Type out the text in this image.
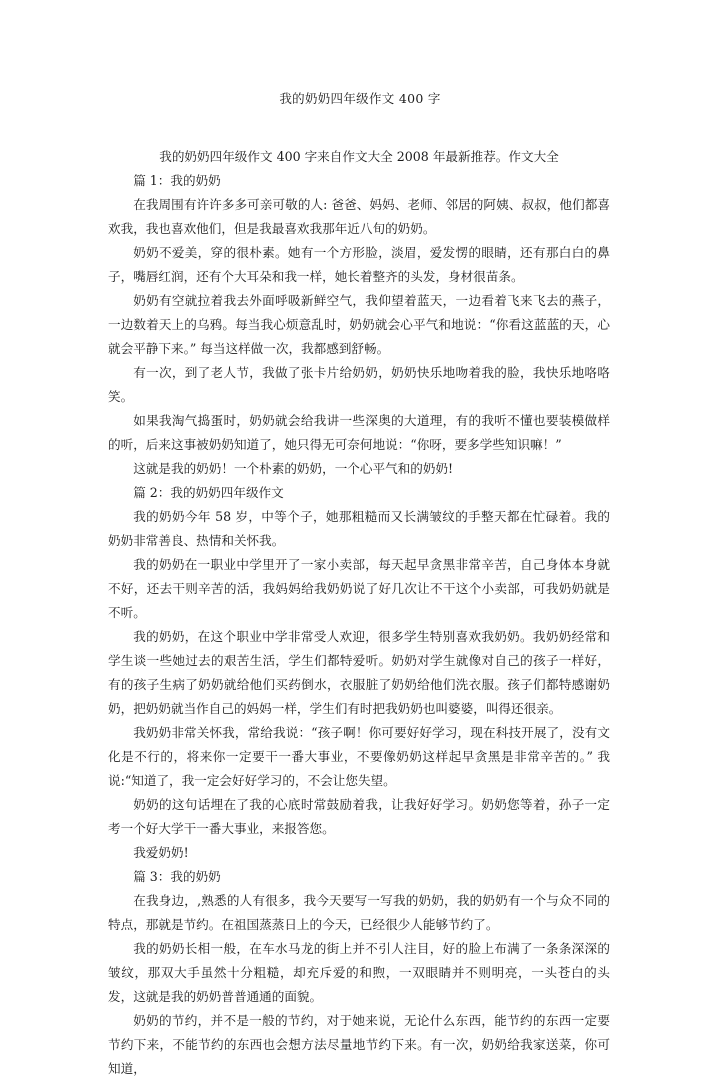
我的奶奶四年级作文 400 字

我的奶奶四年级作文 400 字来自作文大全 2008 年最新推荐。作文大全

篇 1：我的奶奶

在我周围有许许多多可亲可敬的人: 爸爸、妈妈、老师、邻居的阿姨、叔叔，他们都喜欢我，我也喜欢他们，但是我最喜欢我那年近八旬的奶奶。

奶奶不爱美，穿的很朴素。她有一个方形脸，淡眉，爱发愣的眼睛，还有那白白的鼻子，嘴唇红润，还有个大耳朵和我一样，她长着整齐的头发，身材很苗条。

奶奶有空就拉着我去外面呼吸新鲜空气，我仰望着蓝天，一边看着飞来飞去的燕子，一边数着天上的乌鸦。每当我心烦意乱时，奶奶就会心平气和地说：“你看这蓝蓝的天，心就会平静下来。” 每当这样做一次，我都感到舒畅。

有一次，到了老人节，我做了张卡片给奶奶，奶奶快乐地吻着我的脸，我快乐地咯咯笑。

如果我淘气捣蛋时，奶奶就会给我讲一些深奥的大道理，有的我听不懂也要装模做样的听，后来这事被奶奶知道了，她只得无可奈何地说：“你呀，要多学些知识嘛！”

这就是我的奶奶！一个朴素的奶奶，一个心平气和的奶奶!

篇 2：我的奶奶四年级作文

我的奶奶今年 58 岁，中等个子，她那粗糙而又长满皱纹的手整天都在忙碌着。我的奶奶非常善良、热情和关怀我。

我的奶奶在一职业中学里开了一家小卖部，每天起早贪黑非常辛苦，自己身体本身就不好，还去干则辛苦的活，我妈妈给我奶奶说了好几次让不干这个小卖部，可我奶奶就是不听。

我的奶奶，在这个职业中学非常受人欢迎，很多学生特别喜欢我奶奶。我奶奶经常和学生谈一些她过去的艰苦生活，学生们都特爱听。奶奶对学生就像对自己的孩子一样好，有的孩子生病了奶奶就给他们买药倒水，衣服脏了奶奶给他们洗衣服。孩子们都特感谢奶奶，把奶奶就当作自己的妈妈一样，学生们有时把我奶奶也叫婆婆，叫得还很亲。

我奶奶非常关怀我，常给我说：“孩子啊！你可要好好学习，现在科技开展了，没有文化是不行的，将来你一定要干一番大事业，不要像奶奶这样起早贪黑是非常辛苦的。” 我说:“知道了，我一定会好好学习的，不会让您失望。

奶奶的这句话埋在了我的心底时常鼓励着我，让我好好学习。奶奶您等着，孙子一定考一个好大学干一番大事业，来报答您。

我爱奶奶!

篇 3：我的奶奶

在我身边，,熟悉的人有很多，我今天要写一写我的奶奶，我的奶奶有一个与众不同的特点，那就是节约。在祖国蒸蒸日上的今天，已经很少人能够节约了。

我的奶奶长相一般，在车水马龙的街上并不引人注目，好的脸上布满了一条条深深的皱纹，那双大手虽然十分粗糙，却充斥爱的和煦，一双眼睛并不则明亮，一头苍白的头发，这就是我的奶奶普普通通的面貌。

奶奶的节约，并不是一般的节约，对于她来说，无论什么东西，能节约的东西一定要节约下来，不能节约的东西也会想方法尽量地节约下来。有一次，奶奶给我家送菜，你可知道，
